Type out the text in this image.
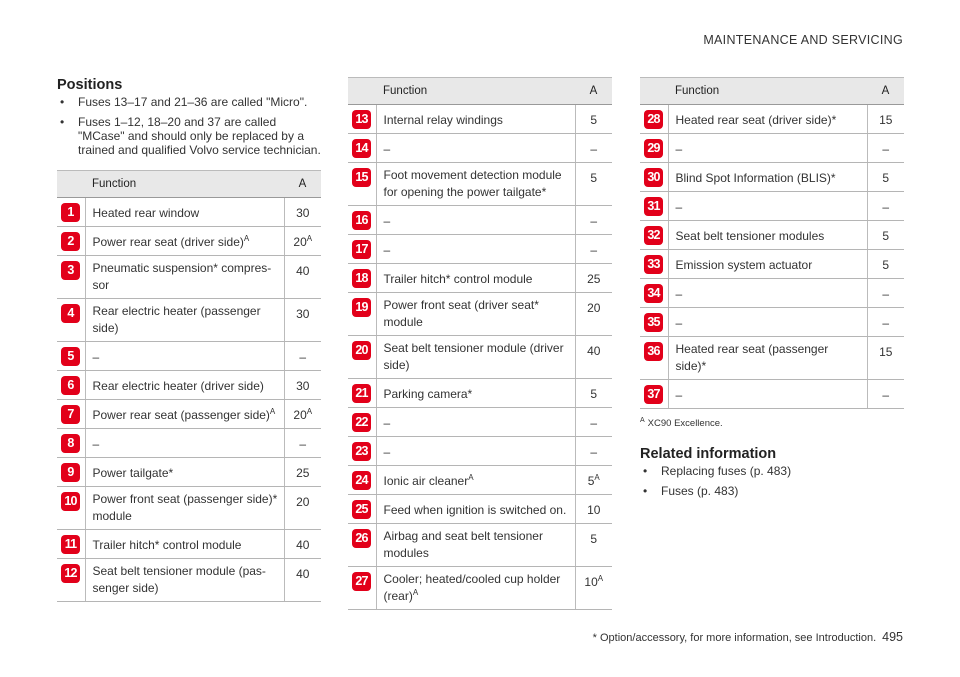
MAINTENANCE AND SERVICING
Positions
• Fuses 13–17 and 21–36 are called "Micro".
• Fuses 1–12, 18–20 and 37 are called "MCase" and should only be replaced by a trained and qualified Volvo service technician.
	Function	A
1	Heated rear window	30
2	Power rear seat (driver side)$^A$	$20^A$
3	Pneumatic suspension* compres-sor	40
4	Rear electric heater (passenger side)	30
5	–	–
6	Rear electric heater (driver side)	30
7	Power rear seat (passenger side)$^A$	$20^A$
8	–	–
9	Power tailgate*	25
10	Power front seat (passenger side)* module	20
11	Trailer hitch* control module	40
12	Seat belt tensioner module (pas-senger side)	40
	Function	A
13	Internal relay windings	5
14	–	–
15	Foot movement detection module for opening the power tailgate*	5
16	–	–
17	–	–
18	Trailer hitch* control module	25
19	Power front seat (driver seat* module	20
20	Seat belt tensioner module (driver side)	40
21	Parking camera*	5
22	–	–
23	–	–
24	Ionic air cleaner$^A$	$5^A$
25	Feed when ignition is switched on.	10
26	Airbag and seat belt tensioner modules	5
27	Cooler; heated/cooled cup holder (rear)$^A$	$10^A$
	Function	A
28	Heated rear seat (driver side)*	15
29	–	–
30	Blind Spot Information (BLIS)*	5
31	–	–
32	Seat belt tensioner modules	5
33	Emission system actuator	5
34	–	–
35	–	–
36	Heated rear seat (passenger side)*	15
37	–	–
$^A$ XC90 Excellence.
Related information
• Replacing fuses (p. 483)
• Fuses (p. 483)
* Option/accessory, for more information, see Introduction. 495
